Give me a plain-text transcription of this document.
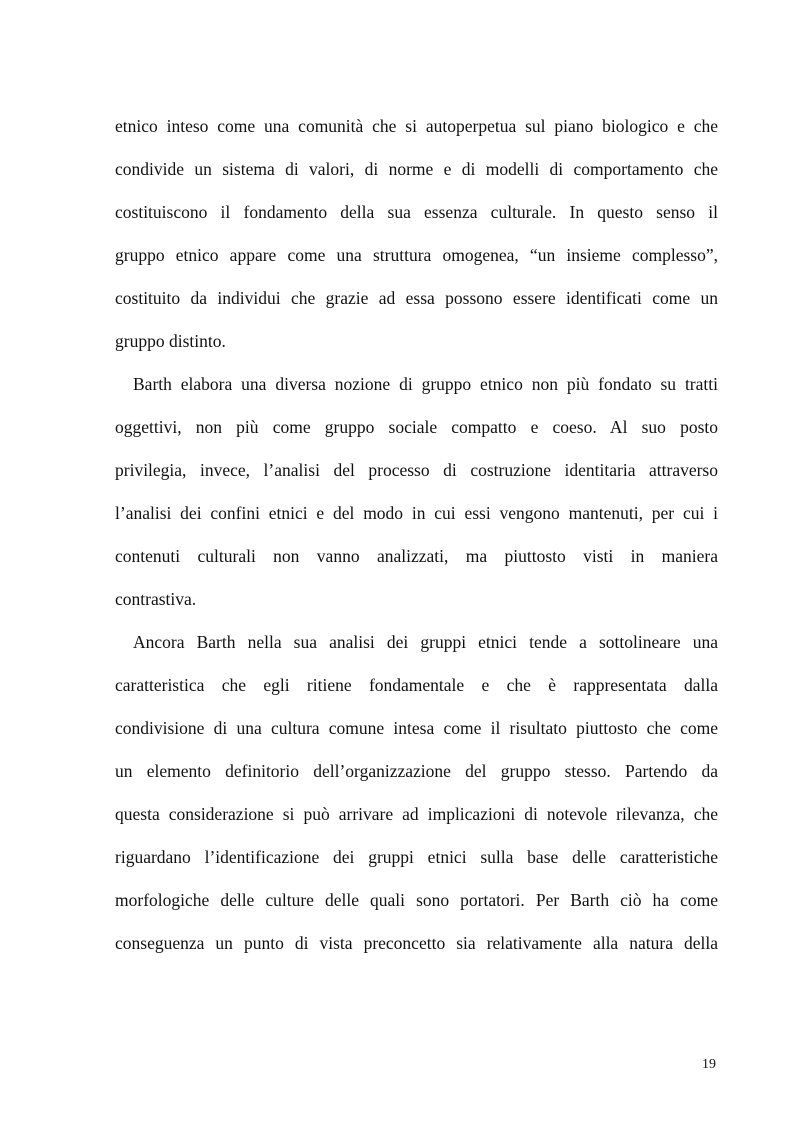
etnico inteso come una comunità che si autoperpetua sul piano biologico e che

condivide un sistema di valori, di norme e di modelli di comportamento che

costituiscono il fondamento della sua essenza culturale. In questo senso il

gruppo etnico appare come una struttura omogenea, “un insieme complesso”,

costituito da individui che grazie ad essa possono essere identificati come un

gruppo distinto.

Barth elabora una diversa nozione di gruppo etnico non più fondato su tratti

oggettivi, non più come gruppo sociale compatto e coeso. Al suo posto

privilegia, invece, l’analisi del processo di costruzione identitaria attraverso

l’analisi dei confini etnici e del modo in cui essi vengono mantenuti, per cui i

contenuti culturali non vanno analizzati, ma piuttosto visti in maniera

contrastiva.

Ancora Barth nella sua analisi dei gruppi etnici tende a sottolineare una

caratteristica che egli ritiene fondamentale e che è rappresentata dalla

condivisione di una cultura comune intesa come il risultato piuttosto che come

un elemento definitorio dell’organizzazione del gruppo stesso. Partendo da

questa considerazione si può arrivare ad implicazioni di notevole rilevanza, che

riguardano l’identificazione dei gruppi etnici sulla base delle caratteristiche

morfologiche delle culture delle quali sono portatori. Per Barth ciò ha come

conseguenza un punto di vista preconcetto sia relativamente alla natura della

19
